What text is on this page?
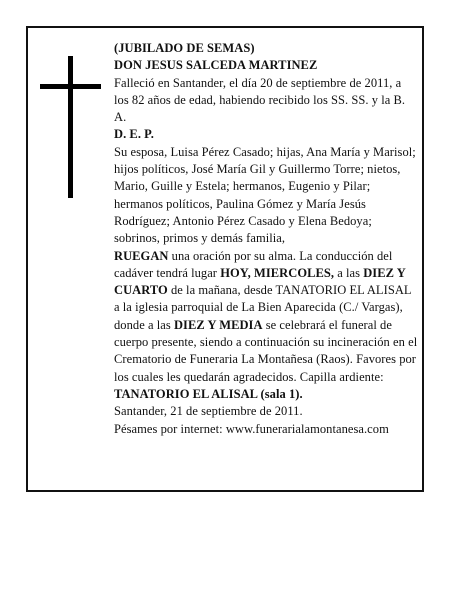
(JUBILADO DE SEMAS)

DON JESUS SALCEDA MARTINEZ

Falleció en Santander, el día 20 de septiembre de 2011, a los 82 años de edad, habiendo recibido los SS. SS. y la B. A.

D. E. P.

Su esposa, Luisa Pérez Casado; hijas, Ana María y Marisol; hijos políticos, José María Gil y Guillermo Torre; nietos, Mario, Guille y Estela; hermanos, Eugenio y Pilar; hermanos políticos, Paulina Gómez y María Jesús Rodríguez; Antonio Pérez Casado y Elena Bedoya; sobrinos, primos y demás familia,

RUEGAN una oración por su alma. La conducción del cadáver tendrá lugar HOY, MIERCOLES, a las DIEZ Y CUARTO de la mañana, desde TANATORIO EL ALISAL a la iglesia parroquial de La Bien Aparecida (C./ Vargas), donde a las DIEZ Y MEDIA se celebrará el funeral de cuerpo presente, siendo a continuación su incineración en el Crematorio de Funeraria La Montañesa (Raos). Favores por los cuales les quedarán agradecidos. Capilla ardiente:

TANATORIO EL ALISAL (sala 1).

Santander, 21 de septiembre de 2011.

Pésames por internet: www.funerarialamontanesa.com
